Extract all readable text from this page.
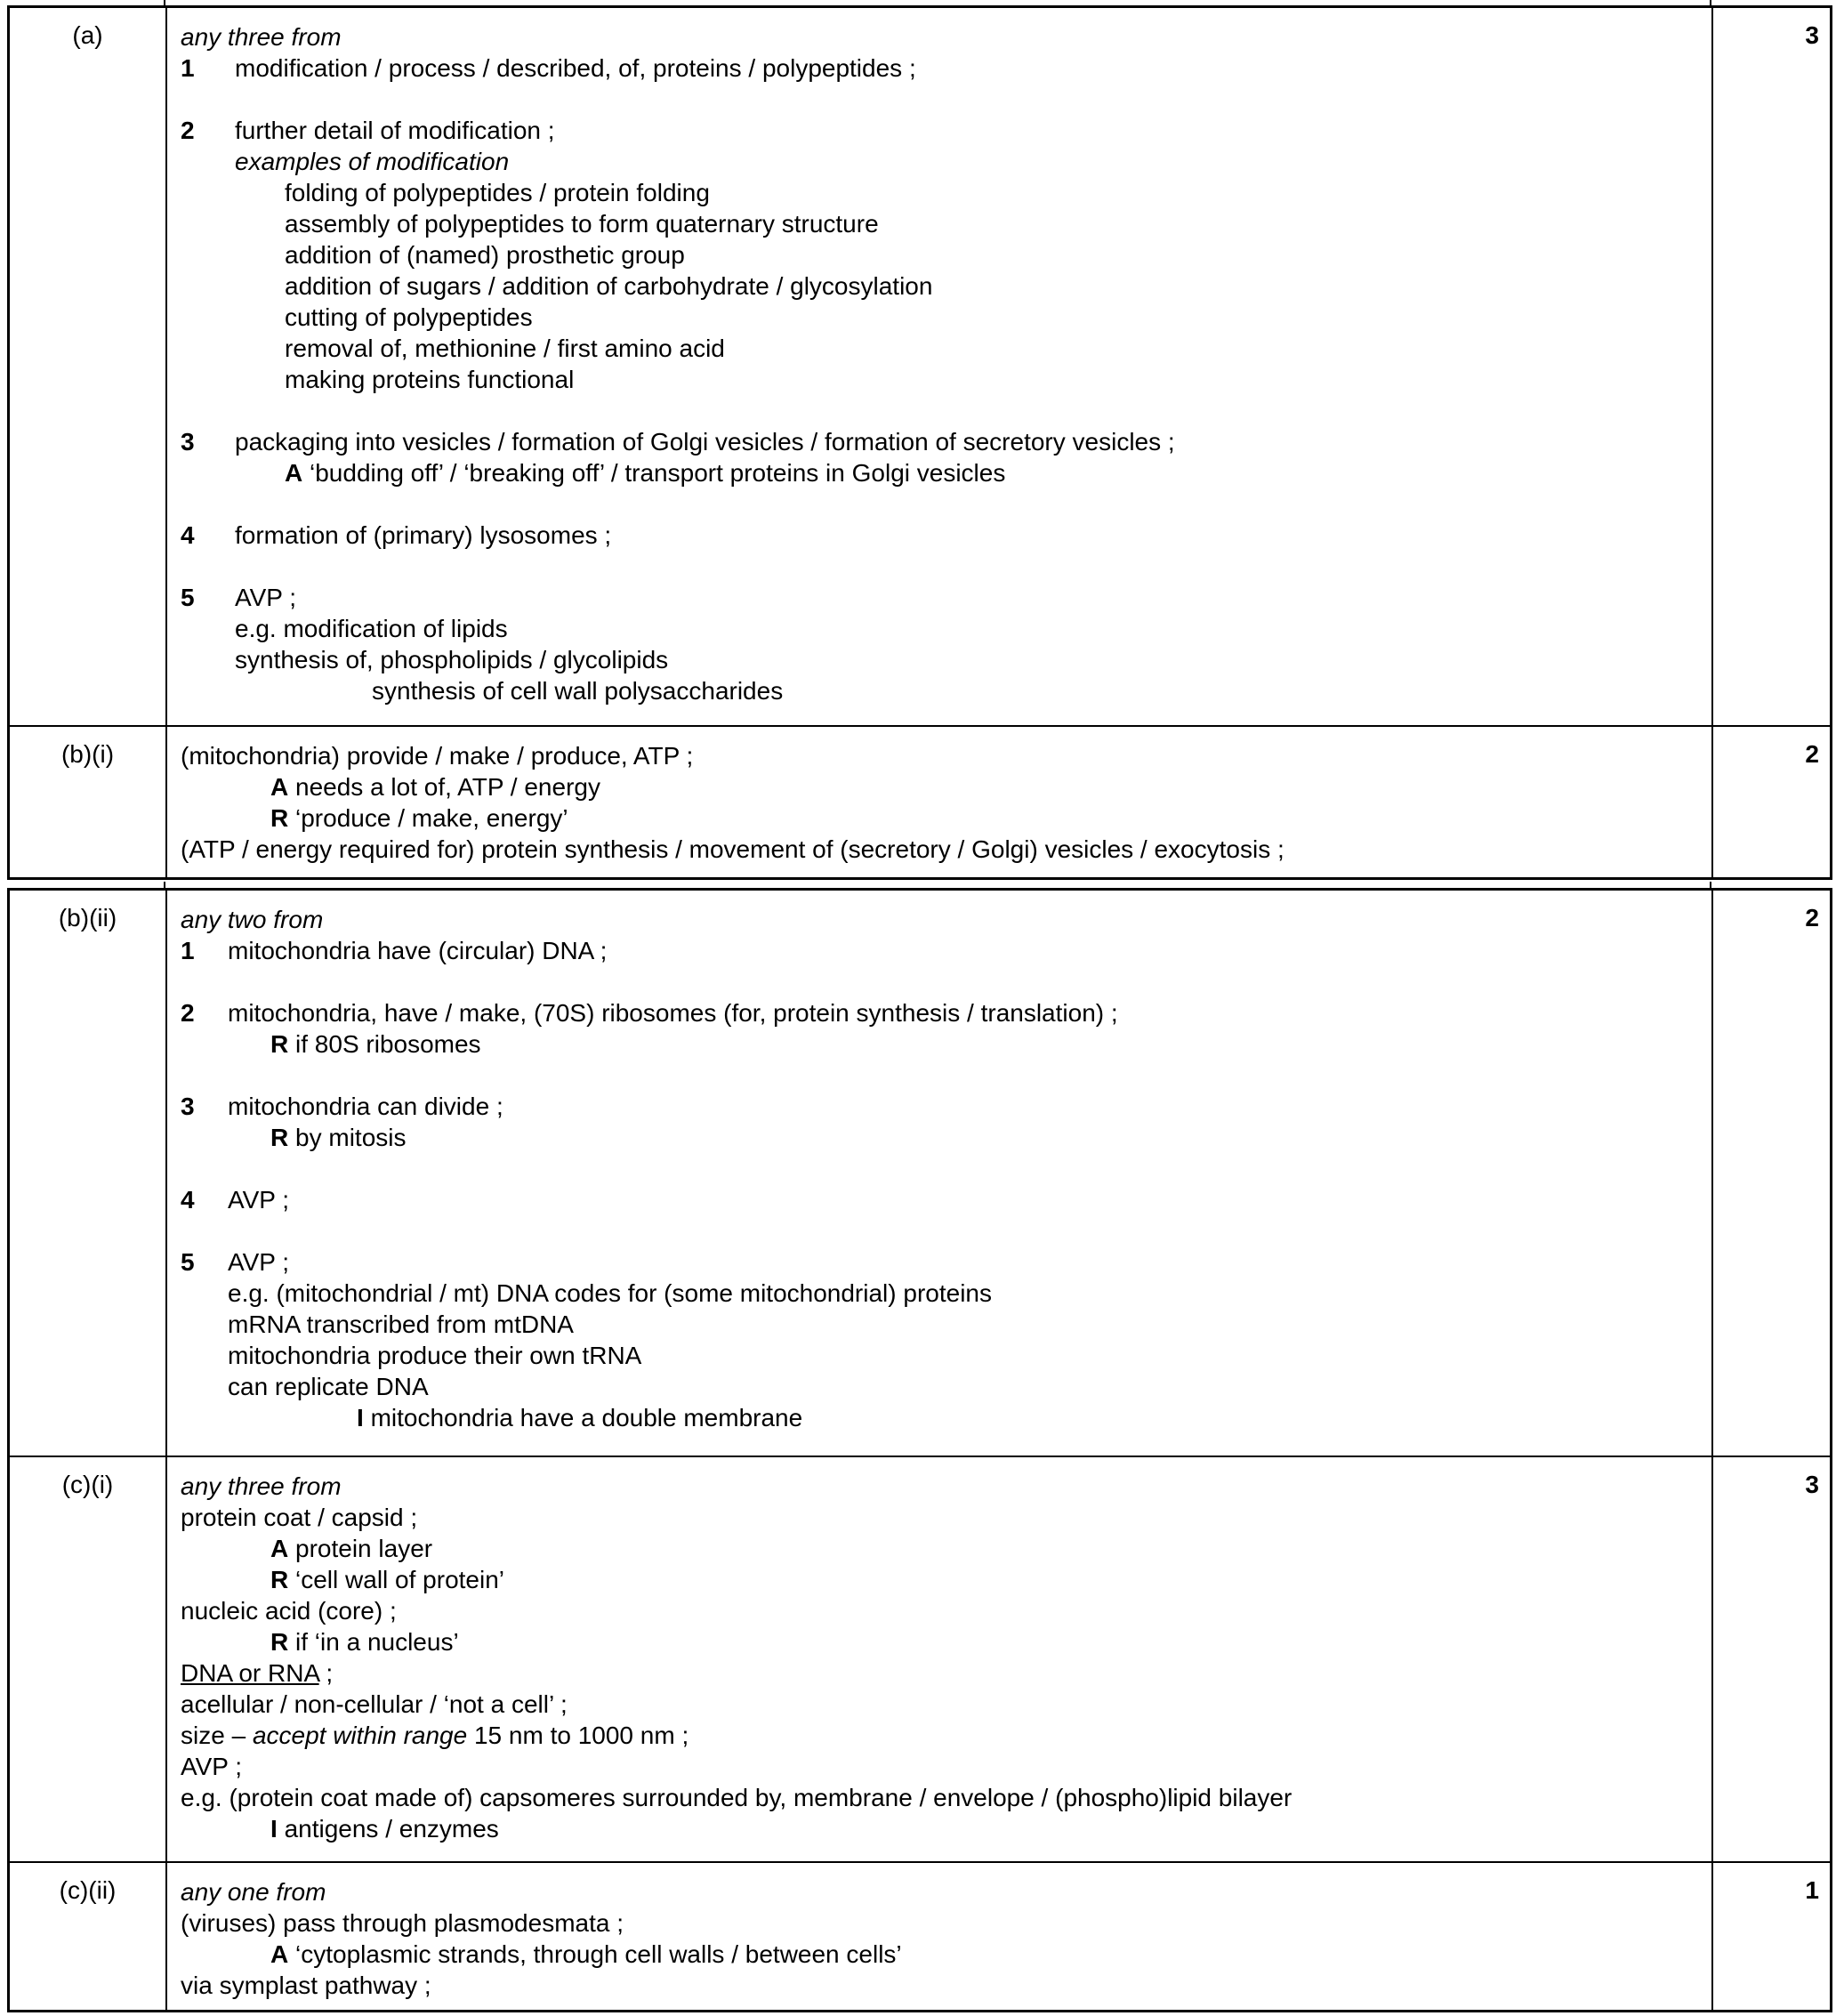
(a)	3
any three from
1 modification / process / described, of, proteins / polypeptides ;
2 further detail of modification ;
examples of modification
folding of polypeptides / protein folding
assembly of polypeptides to form quaternary structure
addition of (named) prosthetic group
addition of sugars / addition of carbohydrate / glycosylation
cutting of polypeptides
removal of, methionine / first amino acid
making proteins functional
3 packaging into vesicles / formation of Golgi vesicles / formation of secretory vesicles ;
A ‘budding off’ / ‘breaking off’ / transport proteins in Golgi vesicles
4 formation of (primary) lysosomes ;
5 AVP ;
e.g. modification of lipids
synthesis of, phospholipids / glycolipids
synthesis of cell wall polysaccharides
(b)(i)	2
(mitochondria) provide / make / produce, ATP ;
A needs a lot of, ATP / energy
R ‘produce / make, energy’
(ATP / energy required for) protein synthesis / movement of (secretory / Golgi) vesicles / exocytosis ;
(b)(ii)	2
any two from
1 mitochondria have (circular) DNA ;
2 mitochondria, have / make, (70S) ribosomes (for, protein synthesis / translation) ;
R if 80S ribosomes
3 mitochondria can divide ;
R by mitosis
4 AVP ;
5 AVP ;
e.g. (mitochondrial / mt) DNA codes for (some mitochondrial) proteins
mRNA transcribed from mtDNA
mitochondria produce their own tRNA
can replicate DNA
I mitochondria have a double membrane
(c)(i)	3
any three from
protein coat / capsid ;
A protein layer
R ‘cell wall of protein’
nucleic acid (core) ;
R if ‘in a nucleus’
DNA or RNA ;
acellular / non-cellular / ‘not a cell’ ;
size – accept within range 15 nm to 1000 nm ;
AVP ;
e.g. (protein coat made of) capsomeres surrounded by, membrane / envelope / (phospho)lipid bilayer
I antigens / enzymes
(c)(ii)	1
any one from
(viruses) pass through plasmodesmata ;
A ‘cytoplasmic strands, through cell walls / between cells’
via symplast pathway ;
